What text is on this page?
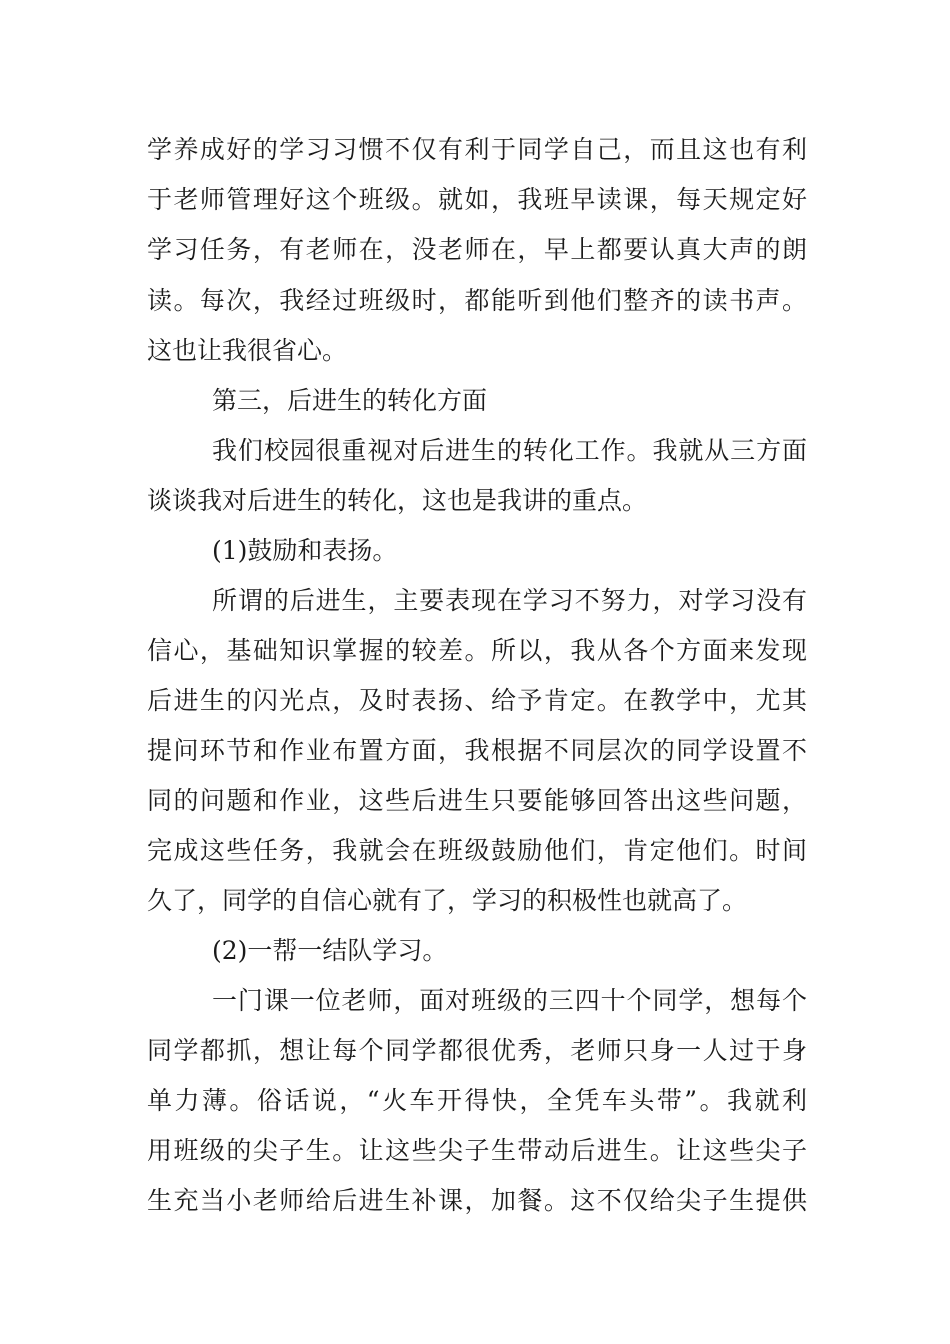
学养成好的学习习惯不仅有利于同学自己，而且这也有利
于老师管理好这个班级。就如，我班早读课，每天规定好
学习任务，有老师在，没老师在，早上都要认真大声的朗
读。每次，我经过班级时，都能听到他们整齐的读书声。
这也让我很省心。
第三，后进生的转化方面
我们校园很重视对后进生的转化工作。我就从三方面
谈谈我对后进生的转化，这也是我讲的重点。
(1)鼓励和表扬。
所谓的后进生，主要表现在学习不努力，对学习没有
信心，基础知识掌握的较差。所以，我从各个方面来发现
后进生的闪光点，及时表扬、给予肯定。在教学中，尤其
提问环节和作业布置方面，我根据不同层次的同学设置不
同的问题和作业，这些后进生只要能够回答出这些问题，
完成这些任务，我就会在班级鼓励他们，肯定他们。时间
久了，同学的自信心就有了，学习的积极性也就高了。
(2)一帮一结队学习。
一门课一位老师，面对班级的三四十个同学，想每个
同学都抓，想让每个同学都很优秀，老师只身一人过于身
单力薄。俗话说，“火车开得快，全凭车头带”。我就利
用班级的尖子生。让这些尖子生带动后进生。让这些尖子
生充当小老师给后进生补课，加餐。这不仅给尖子生提供
